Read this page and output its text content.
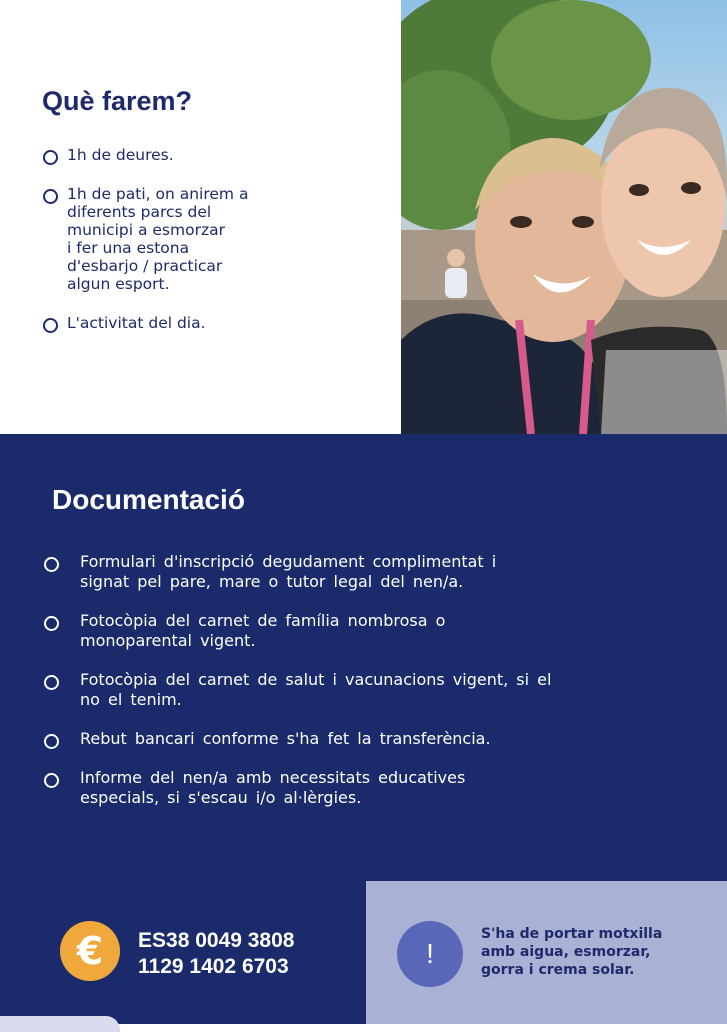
Què farem?
1h de deures.
1h de pati, on anirem a
diferents parcs del
municipi a esmorzar
i fer una estona
d'esbarjo / practicar
algun esport.
L'activitat del dia.
Documentació
Formulari d'inscripció degudament complimentat i
signat pel pare, mare o tutor legal del nen/a.
Fotocòpia del carnet de família nombrosa o
monoparental vigent.
Fotocòpia del carnet de salut i vacunacions vigent, si el
no el tenim.
Rebut bancari conforme s'ha fet la transferència.
Informe del nen/a amb necessitats educatives
especials, si s'escau i/o al·lèrgies.
€	ES38 0049 3808
1129 1402 6703	!
S'ha de portar motxilla
amb aigua, esmorzar,
gorra i crema solar.
